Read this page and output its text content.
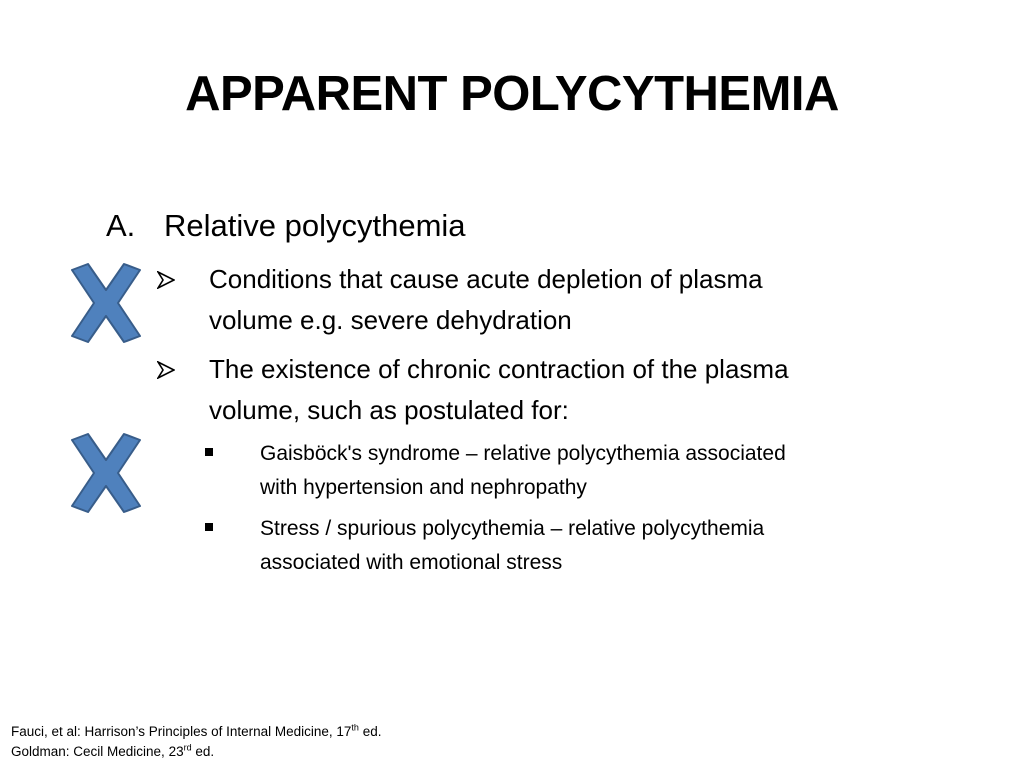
APPARENT POLYCYTHEMIA
A. Relative polycythemia
Conditions that cause acute depletion of plasma
volume e.g. severe dehydration
The existence of chronic contraction of the plasma
volume, such as postulated for:
Gaisböck's syndrome – relative polycythemia associated
with hypertension and nephropathy
Stress / spurious polycythemia – relative polycythemia
associated with emotional stress
Fauci, et al: Harrison’s Principles of Internal Medicine, 17th ed.
Goldman: Cecil Medicine, 23rd ed.
